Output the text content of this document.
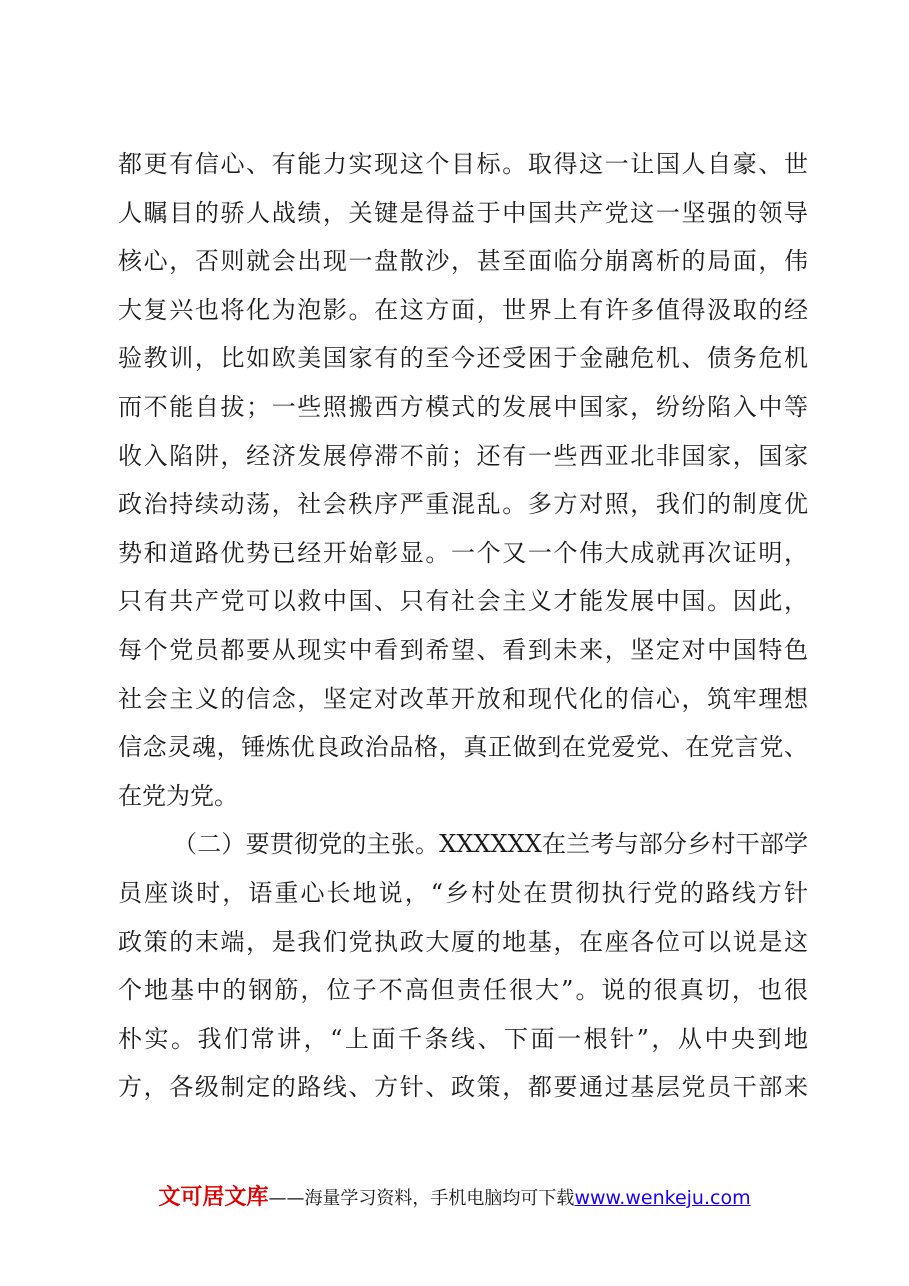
都更有信心、有能力实现这个目标。取得这一让国人自豪、世
人瞩目的骄人战绩，关键是得益于中国共产党这一坚强的领导
核心，否则就会出现一盘散沙，甚至面临分崩离析的局面，伟
大复兴也将化为泡影。在这方面，世界上有许多值得汲取的经
验教训，比如欧美国家有的至今还受困于金融危机、债务危机
而不能自拔；一些照搬西方模式的发展中国家，纷纷陷入中等
收入陷阱，经济发展停滞不前；还有一些西亚北非国家，国家
政治持续动荡，社会秩序严重混乱。多方对照，我们的制度优
势和道路优势已经开始彰显。一个又一个伟大成就再次证明，
只有共产党可以救中国、只有社会主义才能发展中国。因此，
每个党员都要从现实中看到希望、看到未来，坚定对中国特色
社会主义的信念，坚定对改革开放和现代化的信心，筑牢理想
信念灵魂，锤炼优良政治品格，真正做到在党爱党、在党言党、
在党为党。
（二）要贯彻党的主张。XXXXXX在兰考与部分乡村干部学
员座谈时，语重心长地说，“乡村处在贯彻执行党的路线方针
政策的末端，是我们党执政大厦的地基，在座各位可以说是这
个地基中的钢筋，位子不高但责任很大”。说的很真切，也很
朴实。我们常讲，“上面千条线、下面一根针”，从中央到地
方，各级制定的路线、方针、政策，都要通过基层党员干部来
文可居文库——海量学习资料，手机电脑均可下载www.wenkeju.com
